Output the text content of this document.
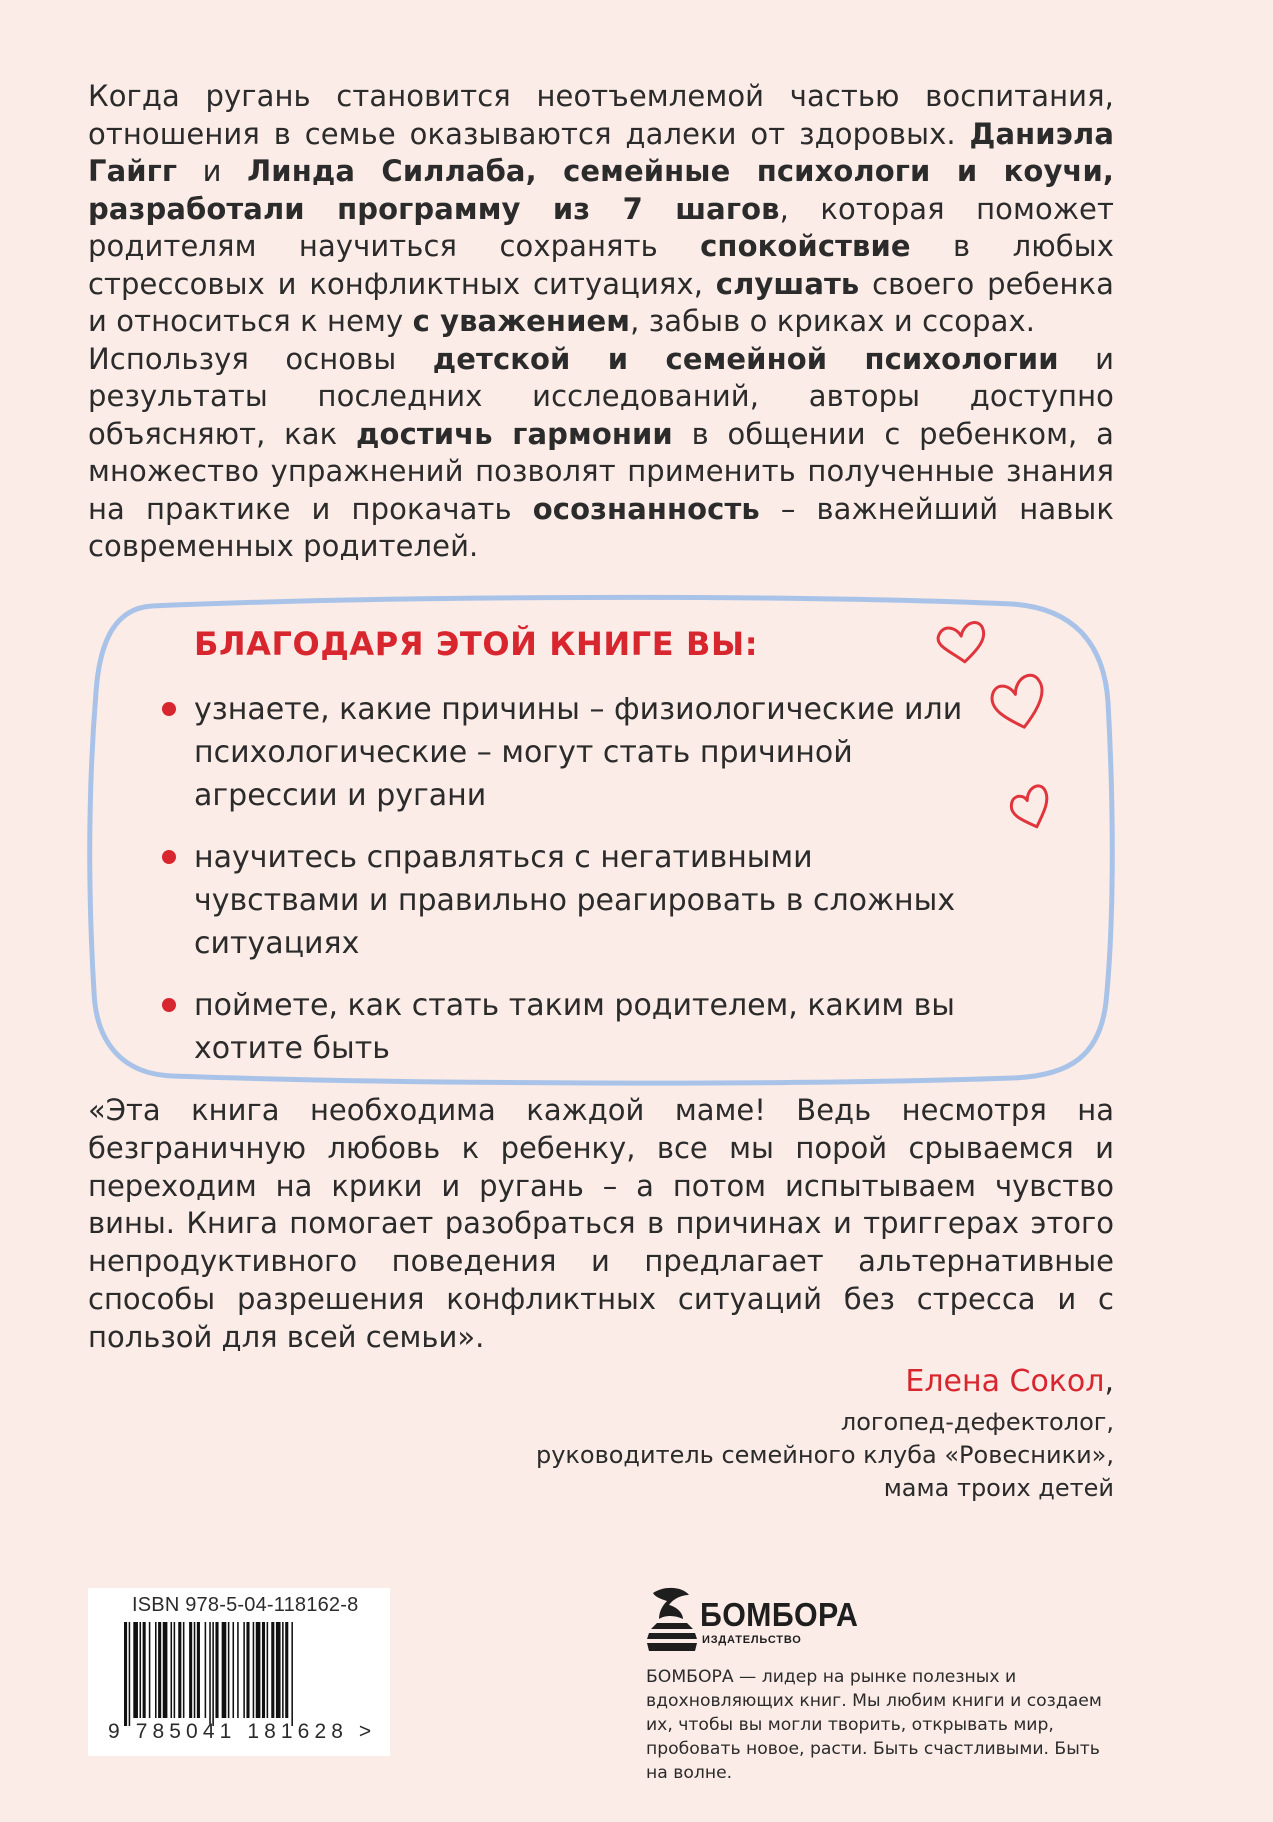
Когда ругань становится неотъемлемой частью воспитания, отношения в семье оказываются далеки от здоровых. Даниэла Гайгг и Линда Силлаба, семейные психологи и коучи, разработали программу из 7 шагов, которая поможет родителям научиться сохранять спокойствие в любых стрессовых и конфликтных ситуациях, слушать своего ребенка и относиться к нему с уважением, забыв о криках и ссорах.

Используя основы детской и семейной психологии и результаты последних исследований, авторы доступно объясняют, как достичь гармонии в общении с ребенком, а множество упражнений позволят применить полученные знания на практике и прокачать осознанность – важнейший навык современных родителей.

БЛАГОДАРЯ ЭТОЙ КНИГЕ ВЫ:
узнаете, какие причины – физиологические или психологические – могут стать причиной агрессии и ругани
научитесь справляться с негативными чувствами и правильно реагировать в сложных ситуациях
поймете, как стать таким родителем, каким вы хотите быть
«Эта книга необходима каждой маме! Ведь несмотря на безграничную любовь к ребенку, все мы порой срываемся и переходим на крики и ругань – а потом испытываем чувство вины. Книга помогает разобраться в причинах и триггерах этого непродуктивного поведения и предлагает альтернативные способы разрешения конфликтных ситуаций без стресса и с пользой для всей семьи».
Елена Сокол,
логопед-дефектолог,
руководитель семейного клуба «Ровесники»,
мама троих детей
ISBN 978-5-04-118162-8
9 785041 181628 >
БОМБОРА
ИЗДАТЕЛЬСТВО
БОМБОРА — лидер на рынке полезных и вдохновляющих книг. Мы любим книги и создаем их, чтобы вы могли творить, открывать мир, пробовать новое, расти. Быть счастливыми. Быть на волне.
